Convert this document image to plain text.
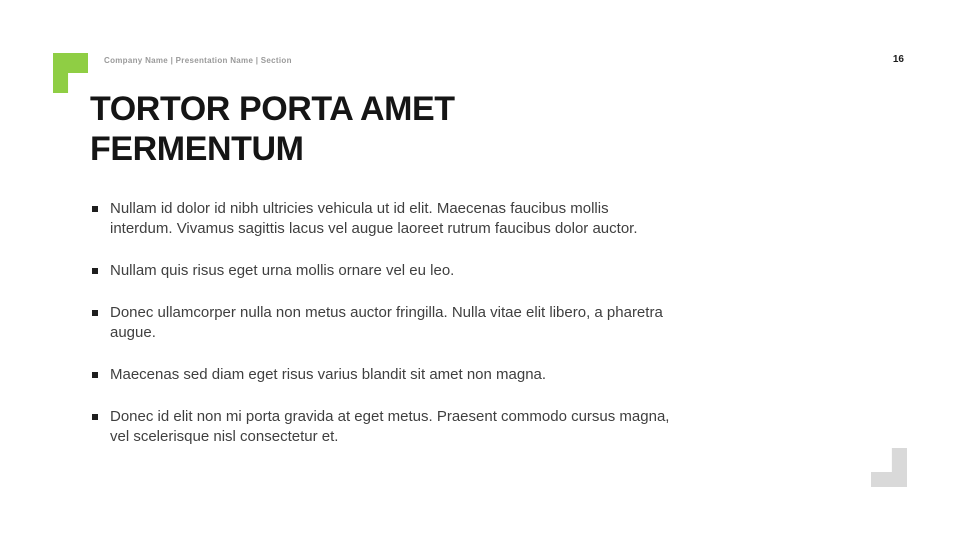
Company Name | Presentation Name | Section	16
TORTOR PORTA AMET
FERMENTUM
Nullam id dolor id nibh ultricies vehicula ut id elit. Maecenas faucibus mollis interdum. Vivamus sagittis lacus vel augue laoreet rutrum faucibus dolor auctor.
Nullam quis risus eget urna mollis ornare vel eu leo.
Donec ullamcorper nulla non metus auctor fringilla. Nulla vitae elit libero, a pharetra augue.
Maecenas sed diam eget risus varius blandit sit amet non magna.
Donec id elit non mi porta gravida at eget metus. Praesent commodo cursus magna, vel scelerisque nisl consectetur et.
